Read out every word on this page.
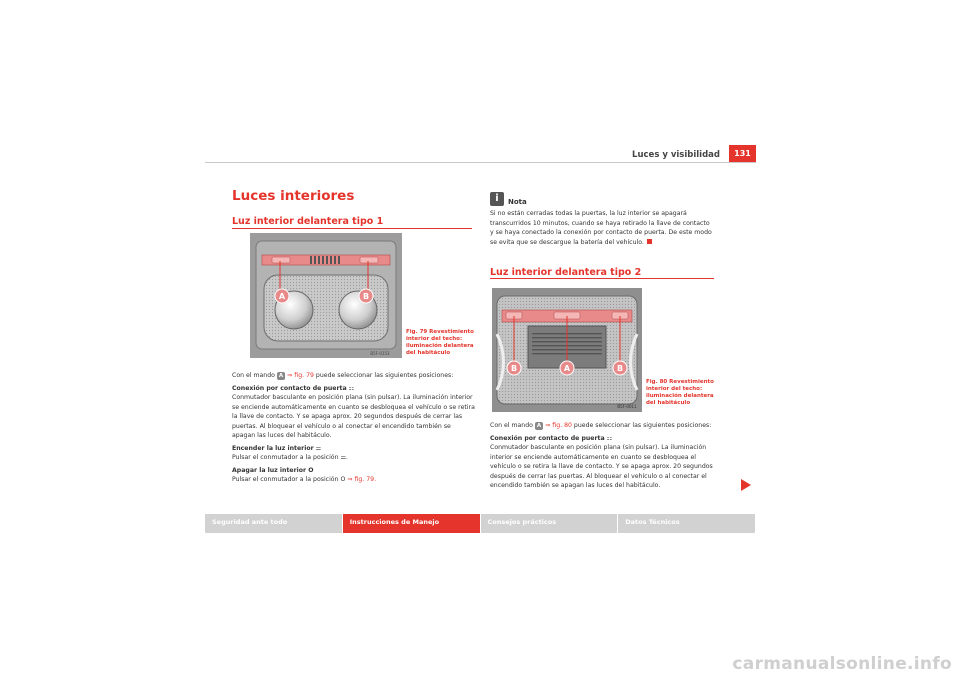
Luces y visibilidad	131
Luces interiores
Luz interior delantera tipo 1
A	B
B5F-0153
Fig. 79 Revestimiento interior del techo: iluminación delantera del habitáculo

Con el mando A ⇒ fig. 79 puede seleccionar las siguientes posiciones:

Conexión por contacto de puerta ⚏
Conmutador basculante en posición plana (sin pulsar). La iluminación interior se enciende automáticamente en cuanto se desbloquea el vehículo o se retira la llave de contacto. Y se apaga aprox. 20 segundos después de cerrar las puertas. Al bloquear el vehículo o al conectar el encendido también se apagan las luces del habitáculo.

Encender la luz interior ⚌
Pulsar el conmutador a la posición ⚌.

Apagar la luz interior O
Pulsar el conmutador a la posición O ⇒ fig. 79.

i	Nota

Si no están cerradas todas la puertas, la luz interior se apagará transcurridos 10 minutos, cuando se haya retirado la llave de contacto y se haya conectado la conexión por contacto de puerta. De este modo se evita que se descargue la batería del vehículo.

Luz interior delantera tipo 2
B	A	B
B5F-0011
Fig. 80 Revestimiento interior del techo: iluminación delantera del habitáculo

Con el mando A ⇒ fig. 80 puede seleccionar las siguientes posiciones:

Conexión por contacto de puerta ⚏
Conmutador basculante en posición plana (sin pulsar). La iluminación interior se enciende automáticamente en cuanto se desbloquea el vehículo o se retira la llave de contacto. Y se apaga aprox. 20 segundos después de cerrar las puertas. Al bloquear el vehículo o al conectar el encendido también se apagan las luces del habitáculo.

Seguridad ante todo	Instrucciones de Manejo	Consejos prácticos	Datos Técnicos
carmanualsonline.info
